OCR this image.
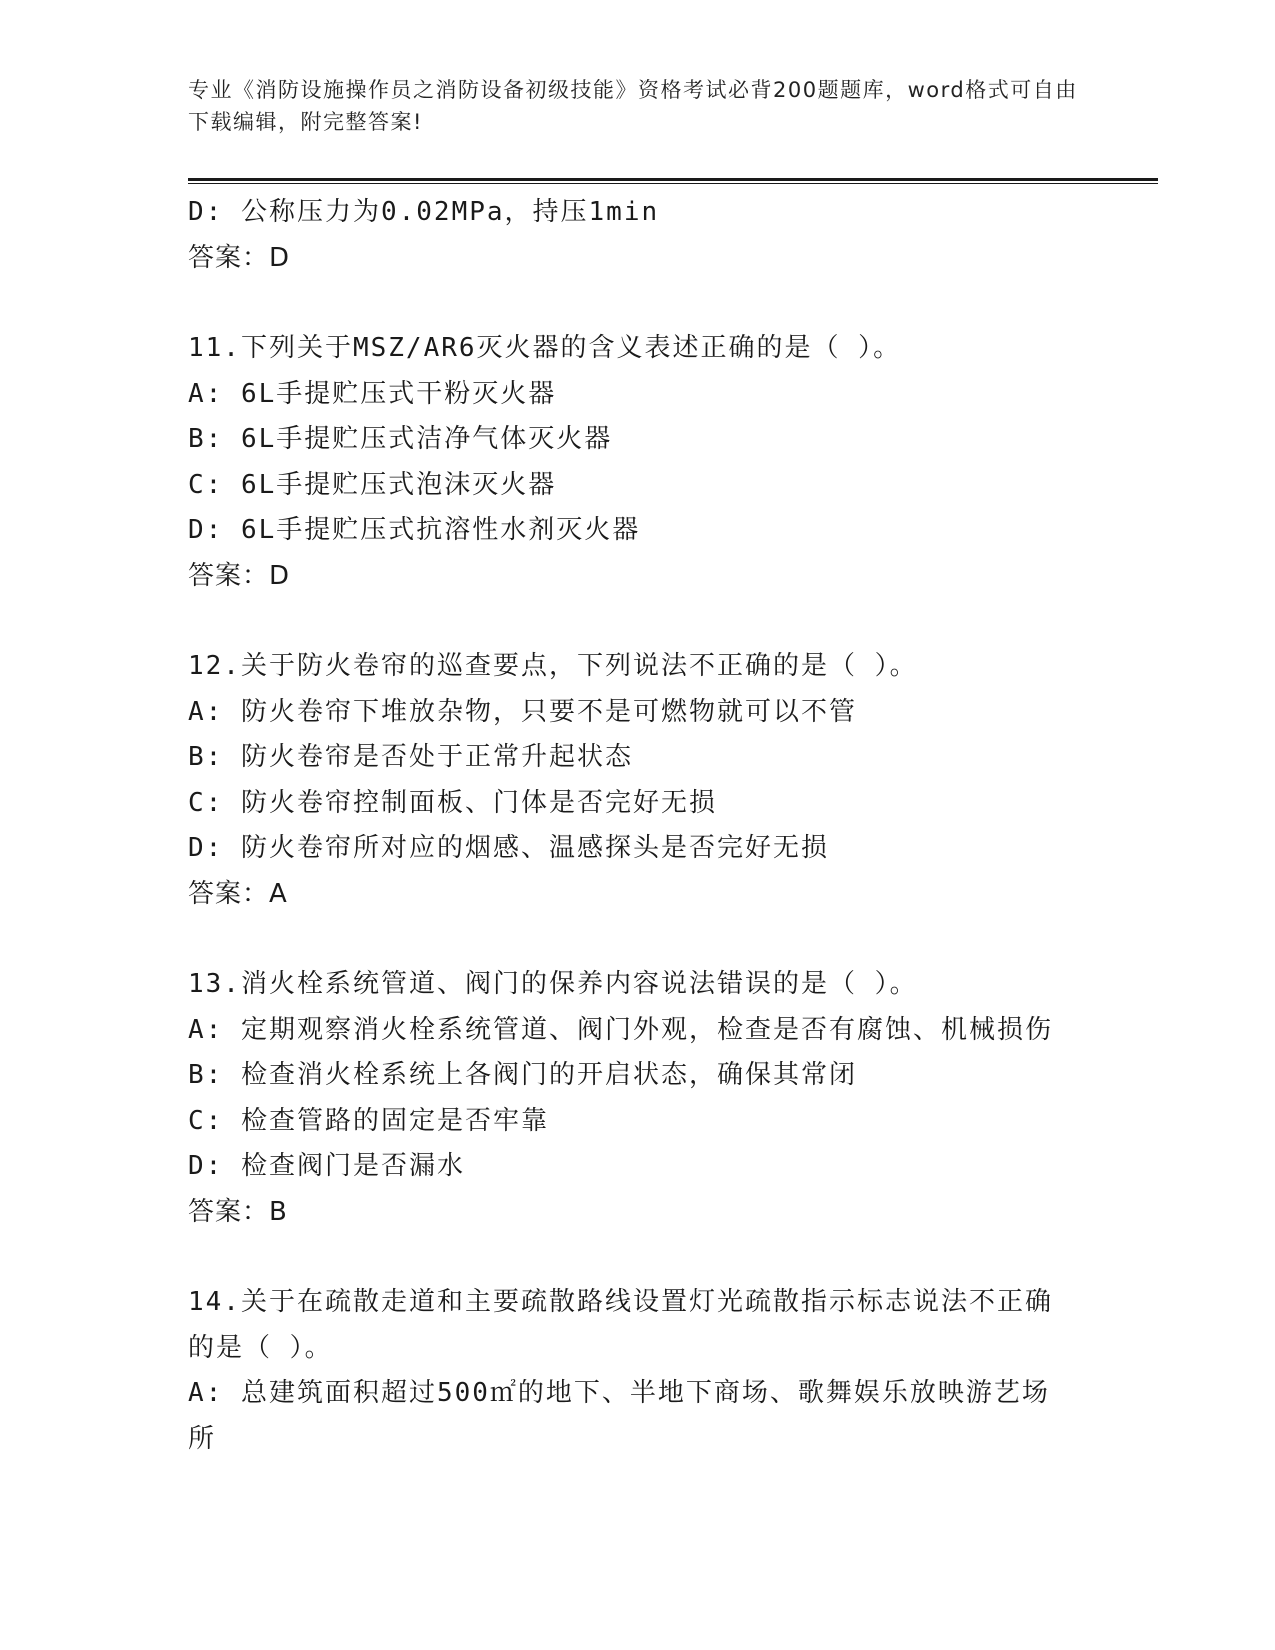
专业《消防设施操作员之消防设备初级技能》资格考试必背200题题库，word格式可自由下载编辑，附完整答案!
D: 公称压力为0.02MPa，持压1min
答案：D
11.下列关于MSZ/AR6灭火器的含义表述正确的是（ ）。
A: 6L手提贮压式干粉灭火器
B: 6L手提贮压式洁净气体灭火器
C: 6L手提贮压式泡沫灭火器
D: 6L手提贮压式抗溶性水剂灭火器
答案：D
12.关于防火卷帘的巡查要点，下列说法不正确的是（ ）。
A: 防火卷帘下堆放杂物，只要不是可燃物就可以不管
B: 防火卷帘是否处于正常升起状态
C: 防火卷帘控制面板、门体是否完好无损
D: 防火卷帘所对应的烟感、温感探头是否完好无损
答案：A
13.消火栓系统管道、阀门的保养内容说法错误的是（ ）。
A: 定期观察消火栓系统管道、阀门外观，检查是否有腐蚀、机械损伤
B: 检查消火栓系统上各阀门的开启状态，确保其常闭
C: 检查管路的固定是否牢靠
D: 检查阀门是否漏水
答案：B
14.关于在疏散走道和主要疏散路线设置灯光疏散指示标志说法不正确
的是（ ）。
A: 总建筑面积超过500㎡的地下、半地下商场、歌舞娱乐放映游艺场
所
